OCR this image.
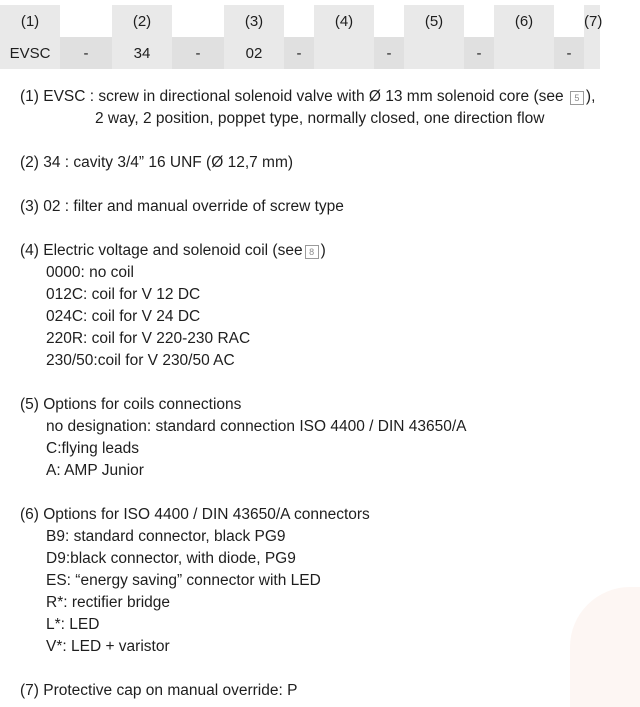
(1)		(2)		(3)		(4)		(5)		(6)		(7)
EVSC	-	34	-	02	-		-		-		-	

(1) EVSC : screw in directional solenoid valve with Ø 13 mm solenoid core (see 5 ),
2 way, 2 position, poppet type, normally closed, one direction flow

(2) 34 : cavity 3/4” 16 UNF (Ø 12,7 mm)

(3) 02 : filter and manual override of screw type

(4) Electric voltage and solenoid coil (see 8 )
0000: no coil
012C: coil for V 12 DC
024C: coil for V 24 DC
220R: coil for V 220-230 RAC
230/50:coil for V 230/50 AC

(5) Options for coils connections
no designation: standard connection ISO 4400 / DIN 43650/A
C:flying leads
A: AMP Junior

(6) Options for ISO 4400 / DIN 43650/A connectors
B9: standard connector, black PG9
D9:black connector, with diode, PG9
ES: “energy saving” connector with LED
R*: rectifier bridge
L*: LED
V*: LED + varistor

(7) Protective cap on manual override: P
